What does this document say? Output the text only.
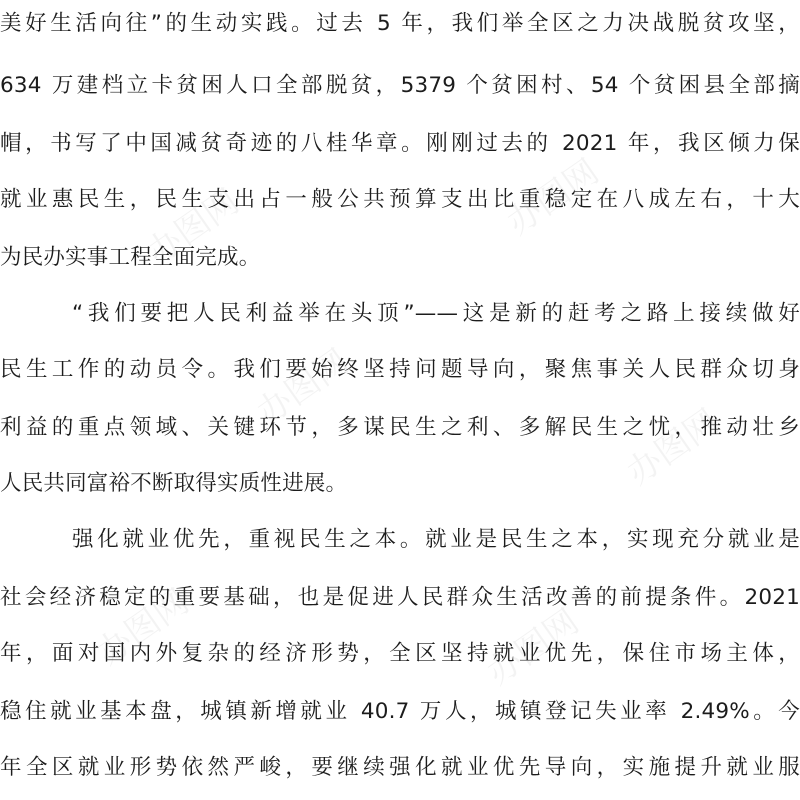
美好生活向往”的生动实践。过去 5 年，我们举全区之力决战脱贫攻坚，
634 万建档立卡贫困人口全部脱贫，5379 个贫困村、54 个贫困县全部摘
帽，书写了中国减贫奇迹的八桂华章。刚刚过去的 2021 年，我区倾力保
就业惠民生，民生支出占一般公共预算支出比重稳定在八成左右，十大
为民办实事工程全面完成。
“我们要把人民利益举在头顶”——这是新的赶考之路上接续做好
民生工作的动员令。我们要始终坚持问题导向，聚焦事关人民群众切身
利益的重点领域、关键环节，多谋民生之利、多解民生之忧，推动壮乡
人民共同富裕不断取得实质性进展。
强化就业优先，重视民生之本。就业是民生之本，实现充分就业是
社会经济稳定的重要基础，也是促进人民群众生活改善的前提条件。2021
年，面对国内外复杂的经济形势，全区坚持就业优先，保住市场主体，
稳住就业基本盘，城镇新增就业 40.7 万人，城镇登记失业率 2.49%。今
年全区就业形势依然严峻，要继续强化就业优先导向，实施提升就业服
